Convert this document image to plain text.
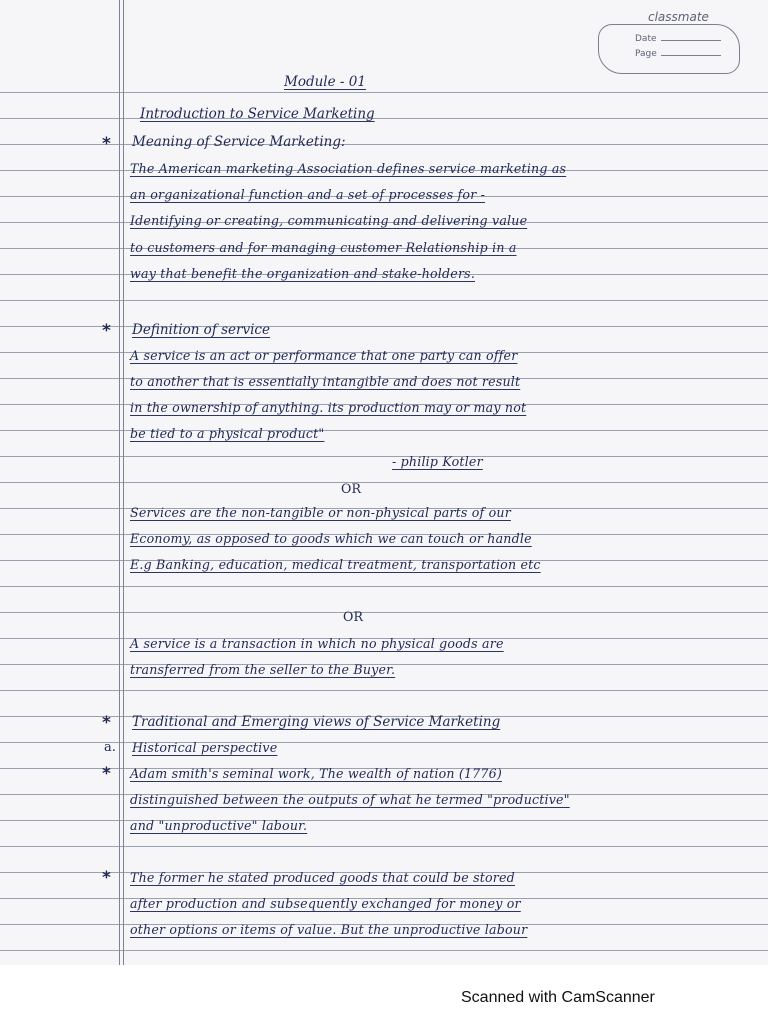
classmate
Date
Page
Module - 01
Introduction to Service Marketing
* Meaning of Service Marketing:
The American marketing Association defines service marketing as
an organizational function and a set of processes for -
Identifying or creating, communicating and delivering value
to customers and for managing customer Relationship in a
way that benefit the organization and stake-holders.
* Definition of service
A service is an act or performance that one party can offer
to another that is essentially intangible and does not result
in the ownership of anything. its production may or may not
be tied to a physical product"
- philip Kotler
OR
Services are the non-tangible or non-physical parts of our
Economy, as opposed to goods which we can touch or handle
E.g Banking, education, medical treatment, transportation etc
OR
A service is a transaction in which no physical goods are
transferred from the seller to the Buyer.
* Traditional and Emerging views of Service Marketing
a. Historical perspective
* Adam smith's seminal work, The wealth of nation (1776)
distinguished between the outputs of what he termed "productive"
and "unproductive" labour.
* The former he stated produced goods that could be stored
after production and subsequently exchanged for money or
other options or items of value. But the unproductive labour
Scanned with CamScanner
